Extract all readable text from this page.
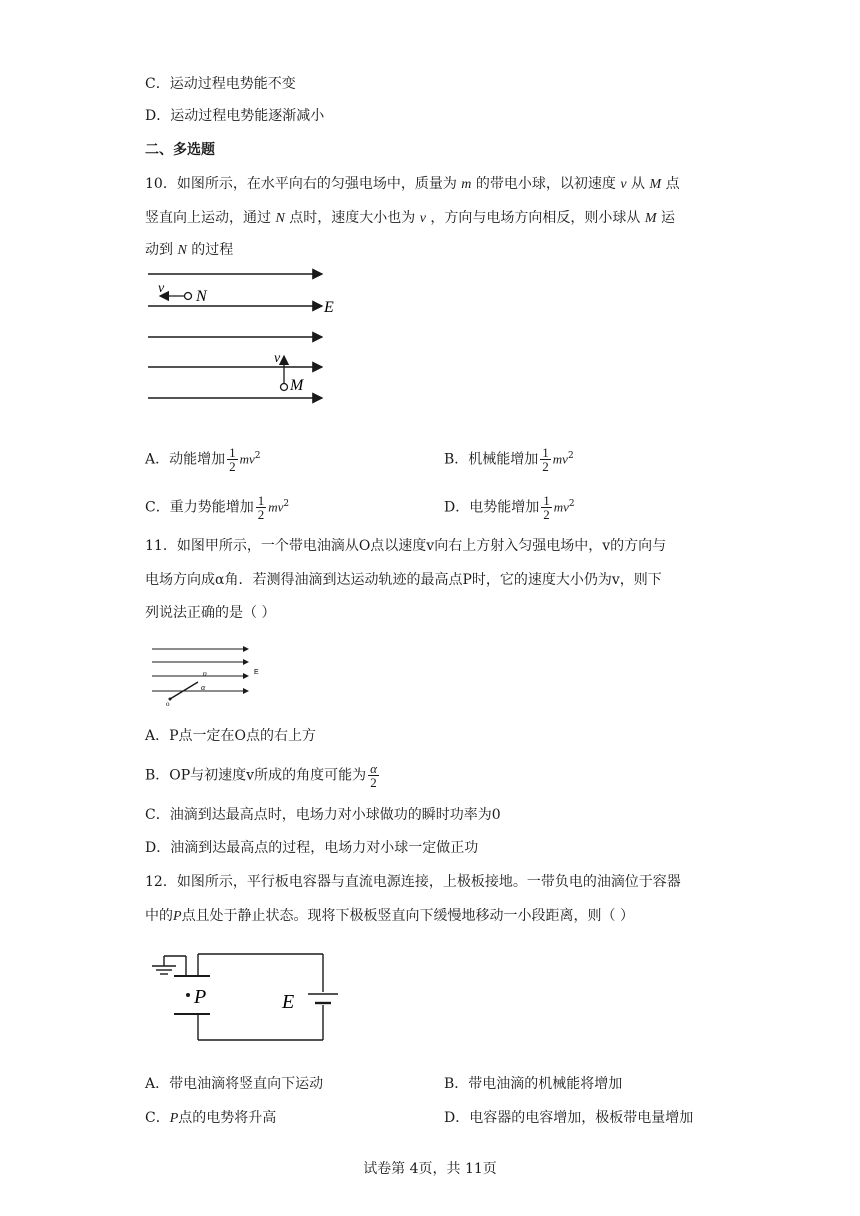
C．运动过程电势能不变
D．运动过程电势能逐渐减小
二、多选题
10．如图所示，在水平向右的匀强电场中，质量为 m 的带电小球，以初速度 v 从 M 点
竖直向上运动，通过 N 点时，速度大小也为 v ，方向与电场方向相反，则小球从 M 运
动到 N 的过程
v N
E
v
M
A．动能增加 $\frac{1}{2} mv^2$	B．机械能增加 $\frac{1}{2} mv^2$
C．重力势能增加 $\frac{1}{2} mv^2$	D．电势能增加 $\frac{1}{2} mv^2$
11．如图甲所示，一个带电油滴从O点以速度v向右上方射入匀强电场中，v的方向与
电场方向成α角．若测得油滴到达运动轨迹的最高点P时，它的速度大小仍为v，则下
列说法正确的是（ ）
o
υ
α
E
A．P点一定在O点的右上方
B．OP与初速度v所成的角度可能为 $\frac{\alpha}{2}$
C．油滴到达最高点时，电场力对小球做功的瞬时功率为0
D．油滴到达最高点的过程，电场力对小球一定做正功
12．如图所示，平行板电容器与直流电源连接，上极板接地。一带负电的油滴位于容器
中的P点且处于静止状态。现将下极板竖直向下缓慢地移动一小段距离，则（ ）
P	E
A．带电油滴将竖直向下运动	B．带电油滴的机械能将增加
C．P点的电势将升高	D．电容器的电容增加，极板带电量增加
试卷第 4页，共 11页
